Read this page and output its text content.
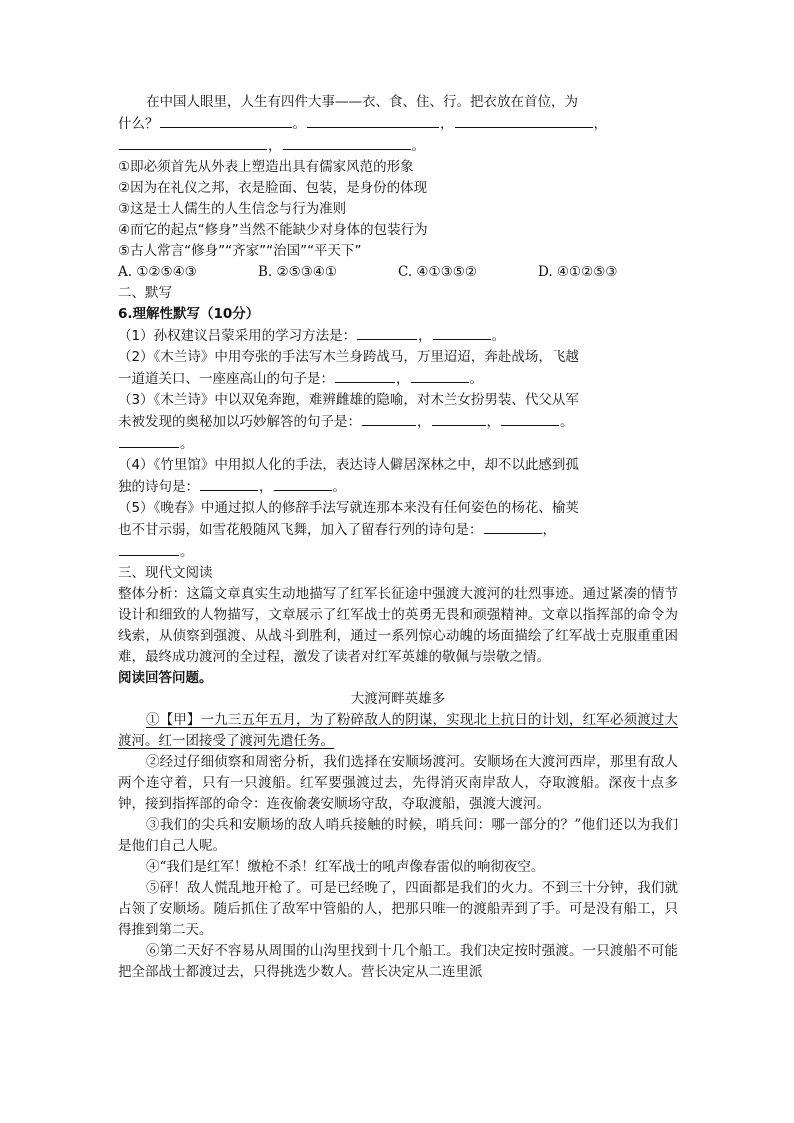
在中国人眼里，人生有四件大事——衣、食、住、行。把衣放在首位，为
什么？	。	，	，
，	。
①即必须首先从外表上塑造出具有儒家风范的形象
②因为在礼仪之邦，衣是脸面、包装，是身份的体现
③这是士人儒生的人生信念与行为准则
④而它的起点“修身”当然不能缺少对身体的包装行为
⑤古人常言“修身”“齐家”“治国”“平天下”
A. ①②⑤④③	B. ②⑤③④①	C. ④①③⑤②	D. ④①②⑤③
二、默写
6.理解性默写（10分）
（1）孙权建议吕蒙采用的学习方法是：	，	。
（2）《木兰诗》中用夸张的手法写木兰身跨战马，万里迢迢，奔赴战场，飞越
一道道关口、一座座高山的句子是：	，	。
（3）《木兰诗》中以双兔奔跑，难辨雌雄的隐喻，对木兰女扮男装、代父从军
未被发现的奥秘加以巧妙解答的句子是：	，	，	。
。
（4）《竹里馆》中用拟人化的手法，表达诗人僻居深林之中，却不以此感到孤
独的诗句是：	，	。
（5）《晚春》中通过拟人的修辞手法写就连那本来没有任何姿色的杨花、榆荚
也不甘示弱，如雪花般随风飞舞，加入了留春行列的诗句是：	，
。
三、现代文阅读
整体分析：这篇文章真实生动地描写了红军长征途中强渡大渡河的壮烈事迹。通过紧凑的情节设计和细致的人物描写，文章展示了红军战士的英勇无畏和顽强精神。文章以指挥部的命令为线索，从侦察到强渡、从战斗到胜利，通过一系列惊心动魄的场面描绘了红军战士克服重重困难，最终成功渡河的全过程，激发了读者对红军英雄的敬佩与崇敬之情。
阅读回答问题。
大渡河畔英雄多
①【甲】一九三五年五月，为了粉碎敌人的阴谋，实现北上抗日的计划，红军必须渡过大渡河。红一团接受了渡河先遣任务。
②经过仔细侦察和周密分析，我们选择在安顺场渡河。安顺场在大渡河西岸，那里有敌人两个连守着，只有一只渡船。红军要强渡过去，先得消灭南岸敌人，夺取渡船。深夜十点多钟，接到指挥部的命令：连夜偷袭安顺场守敌，夺取渡船，强渡大渡河。
③我们的尖兵和安顺场的敌人哨兵接触的时候，哨兵问：哪一部分的？”他们还以为我们是他们自己人呢。
④“我们是红军！缴枪不杀！红军战士的吼声像春雷似的响彻夜空。
⑤砰！敌人慌乱地开枪了。可是已经晚了，四面都是我们的火力。不到三十分钟，我们就占领了安顺场。随后抓住了敌军中管船的人，把那只唯一的渡船弄到了手。可是没有船工，只得推到第二天。
⑥第二天好不容易从周围的山沟里找到十几个船工。我们决定按时强渡。一只渡船不可能把全部战士都渡过去，只得挑选少数人。营长决定从二连里派
